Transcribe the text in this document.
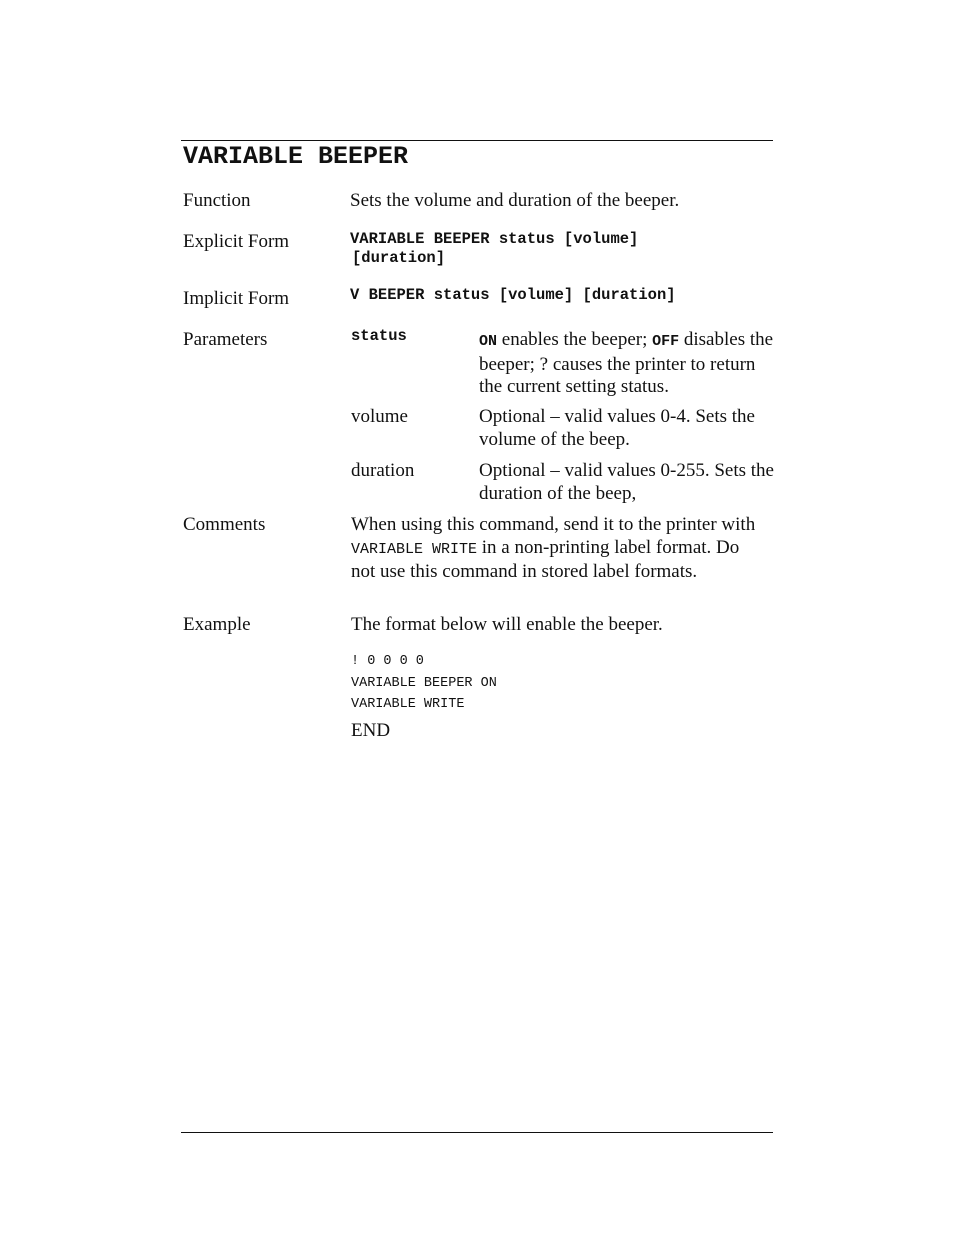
VARIABLE BEEPER
Function	Sets the volume and duration of the beeper.
Explicit Form	VARIABLE BEEPER status [volume]
[duration]
Implicit Form	V BEEPER status [volume] [duration]
Parameters	status	ON enables the beeper; OFF disables the beeper; ? causes the printer to return the current setting status.
volume	Optional – valid values 0-4. Sets the volume of the beep.
duration	Optional – valid values 0-255. Sets the duration of the beep,
Comments	When using this command, send it to the printer with VARIABLE WRITE in a non-printing label format. Do not use this command in stored label formats.
Example	The format below will enable the beeper.
! 0 0 0 0
VARIABLE BEEPER ON
VARIABLE WRITE
END
